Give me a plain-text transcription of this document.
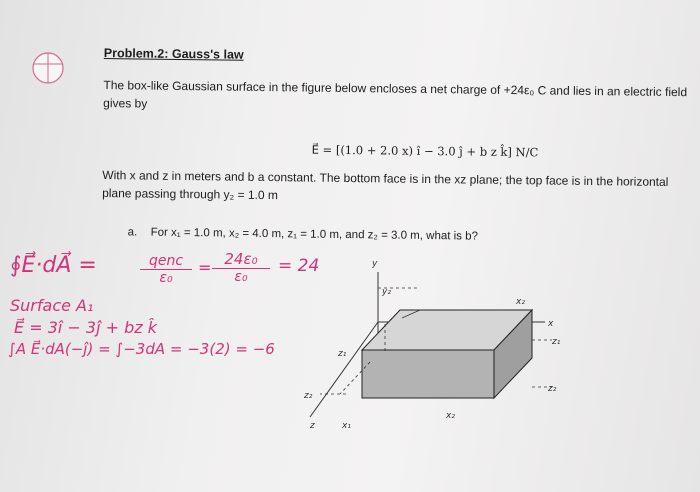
Problem.2: Gauss's law
The box-like Gaussian surface in the figure below encloses a net charge of +24ε₀ C and lies in an electric field
gives by
E⃗ = [(1.0 + 2.0 x) î − 3.0 ĵ + b z k̂] N/C
With x and z in meters and b a constant. The bottom face is in the xz plane; the top face is in the horizontal
plane passing through y₂ = 1.0 m
a. For x₁ = 1.0 m, x₂ = 4.0 m, z₁ = 1.0 m, and z₂ = 3.0 m, what is b?
∮E⃗·dA⃗ =	qenc
ε₀
= $\frac{\text{24ε₀}}{\text{ε₀}} = 24$
Surface A₁
E⃗ = 3î − 3ĵ + bz k̂
∫A E⃗·dA(−ĵ) = ∫−3dA = −3(2) = −6
y
y₂
x
x₂
z₁
z₁
z₂
z₂
x₂
x₁
z
